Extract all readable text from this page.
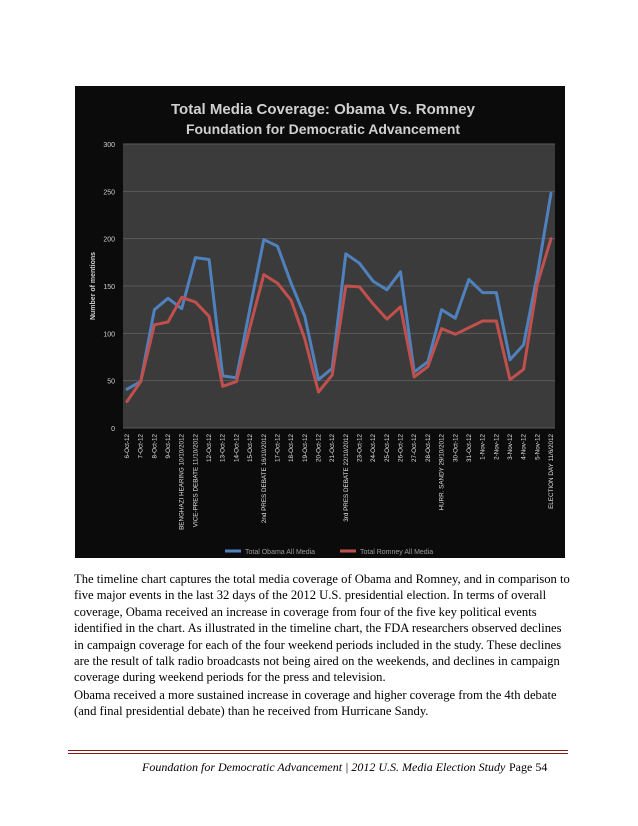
Total Media Coverage: Obama Vs. Romney
Foundation for Democratic Advancement
0
50
100
150
200
250
300
Number of mentions
6-Oct-12 7-Oct-12 8-Oct-12 9-Oct-12 BENGHAZI HEARING 10/10/2012 VICE-PRES DEBATE 11/10/2012 12-Oct-12 13-Oct-12 14-Oct-12 15-Oct-12 2nd PRES DEBATE 16/10/2012 17-Oct-12 18-Oct-12 19-Oct-12 20-Oct-12 21-Oct-12 3rd PRES DEBATE 22/10/2012 23-Oct-12 24-Oct-12 25-Oct-12 26-Oct-12 27-Oct-12 28-Oct-12 HURR. SANDY 29/10/2012 30-Oct-12 31-Oct-12 1-Nov-12 2-Nov-12 3-Nov-12 4-Nov-12 5-Nov-12 ELECTION DAY 11/6/2012
Total Obama All Media	Total Romney All Media

The timeline chart captures the total media coverage of Obama and Romney, and in comparison to five major events in the last 32 days of the 2012 U.S. presidential election. In terms of overall coverage, Obama received an increase in coverage from four of the five key political events identified in the chart. As illustrated in the timeline chart, the FDA researchers observed declines in campaign coverage for each of the four weekend periods included in the study. These declines are the result of talk radio broadcasts not being aired on the weekends, and declines in campaign coverage during weekend periods for the press and television.

Obama received a more sustained increase in coverage and higher coverage from the 4th debate (and final presidential debate) than he received from Hurricane Sandy.

Foundation for Democratic Advancement | 2012 U.S. Media Election Study Page 54
